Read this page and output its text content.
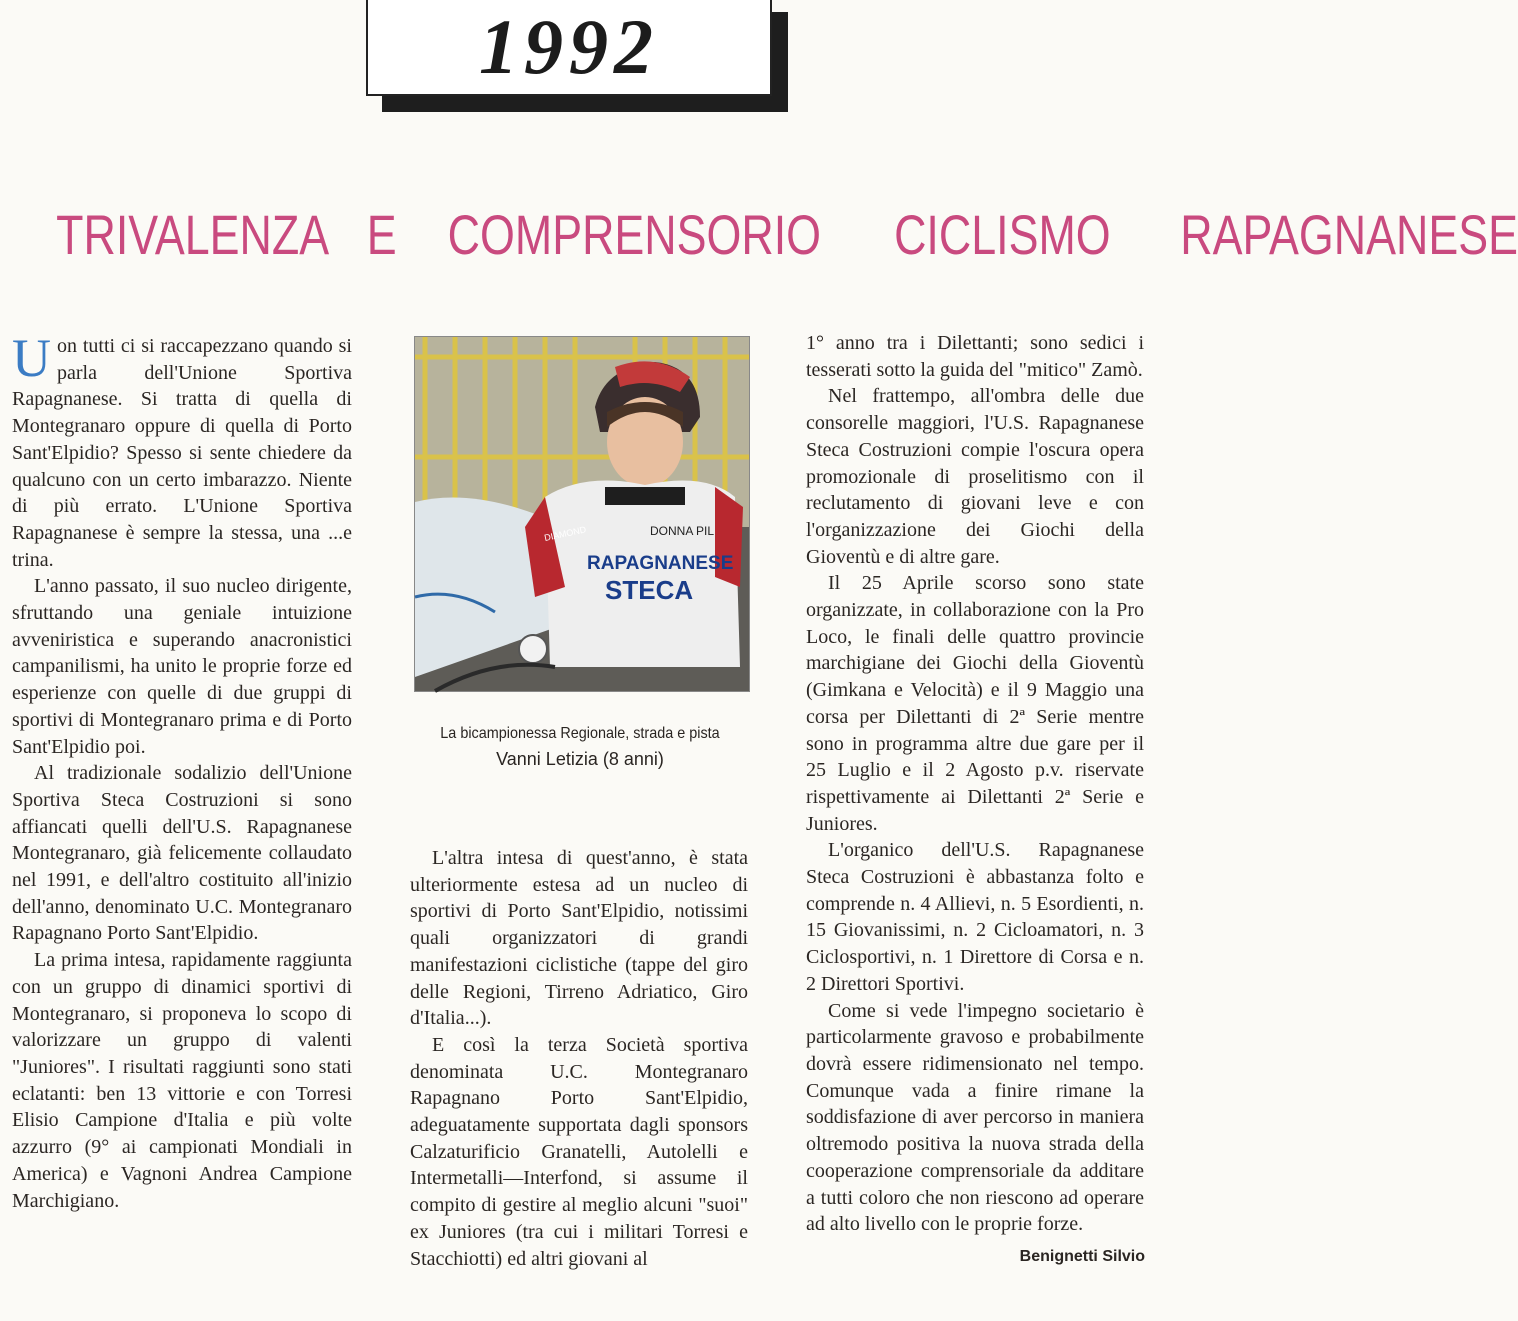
1992
TRIVALENZA E COMPRENSORIO CICLISMO RAPAGNANESE

Uon tutti ci si raccapezzano quando si parla dell'Unione Sportiva Rapagnanese. Si tratta di quella di Montegranaro oppure di quella di Porto Sant'Elpidio? Spesso si sente chiedere da qualcuno con un certo imbarazzo. Niente di più errato. L'Unione Sportiva Rapagnanese è sempre la stessa, una ...e trina.

L'anno passato, il suo nucleo dirigente, sfruttando una geniale intuizione avveniristica e superando anacronistici campanilismi, ha unito le proprie forze ed esperienze con quelle di due gruppi di sportivi di Montegranaro prima e di Porto Sant'Elpidio poi.

Al tradizionale sodalizio dell'Unione Sportiva Steca Costruzioni si sono affiancati quelli dell'U.S. Rapagnanese Montegranaro, già felicemente collaudato nel 1991, e dell'altro costituito all'inizio dell'anno, denominato U.C. Montegranaro Rapagnano Porto Sant'Elpidio.

La prima intesa, rapidamente raggiunta con un gruppo di dinamici sportivi di Montegranaro, si proponeva lo scopo di valorizzare un gruppo di valenti "Juniores". I risultati raggiunti sono stati eclatanti: ben 13 vittorie e con Torresi Elisio Campione d'Italia e più volte azzurro (9° ai campionati Mondiali in America) e Vagnoni Andrea Campione Marchigiano.

DONNA PIL
RAPAGNANESE
STECA
DIAMOND
La bicampionessa Regionale, strada e pista
Vanni Letizia (8 anni)

L'altra intesa di quest'anno, è stata ulteriormente estesa ad un nucleo di sportivi di Porto Sant'Elpidio, notissimi quali organizzatori di grandi manifestazioni ciclistiche (tappe del giro delle Regioni, Tirreno Adriatico, Giro d'Italia...).

E così la terza Società sportiva denominata U.C. Montegranaro Rapagnano Porto Sant'Elpidio, adeguatamente supportata dagli sponsors Calzaturificio Granatelli, Autolelli e Intermetalli—Interfond, si assume il compito di gestire al meglio alcuni "suoi" ex Juniores (tra cui i militari Torresi e Stacchiotti) ed altri giovani al

1° anno tra i Dilettanti; sono sedici i tesserati sotto la guida del "mitico" Zamò.

Nel frattempo, all'ombra delle due consorelle maggiori, l'U.S. Rapagnanese Steca Costruzioni compie l'oscura opera promozionale di proselitismo con il reclutamento di giovani leve e con l'organizzazione dei Giochi della Gioventù e di altre gare.

Il 25 Aprile scorso sono state organizzate, in collaborazione con la Pro Loco, le finali delle quattro provincie marchigiane dei Giochi della Gioventù (Gimkana e Velocità) e il 9 Maggio una corsa per Dilettanti di 2ª Serie mentre sono in programma altre due gare per il 25 Luglio e il 2 Agosto p.v. riservate rispettivamente ai Dilettanti 2ª Serie e Juniores.

L'organico dell'U.S. Rapagnanese Steca Costruzioni è abbastanza folto e comprende n. 4 Allievi, n. 5 Esordienti, n. 15 Giovanissimi, n. 2 Cicloamatori, n. 3 Ciclosportivi, n. 1 Direttore di Corsa e n. 2 Direttori Sportivi.

Come si vede l'impegno societario è particolarmente gravoso e probabilmente dovrà essere ridimensionato nel tempo. Comunque vada a finire rimane la soddisfazione di aver percorso in maniera oltremodo positiva la nuova strada della cooperazione comprensoriale da additare a tutti coloro che non riescono ad operare ad alto livello con le proprie forze.

Benignetti Silvio
